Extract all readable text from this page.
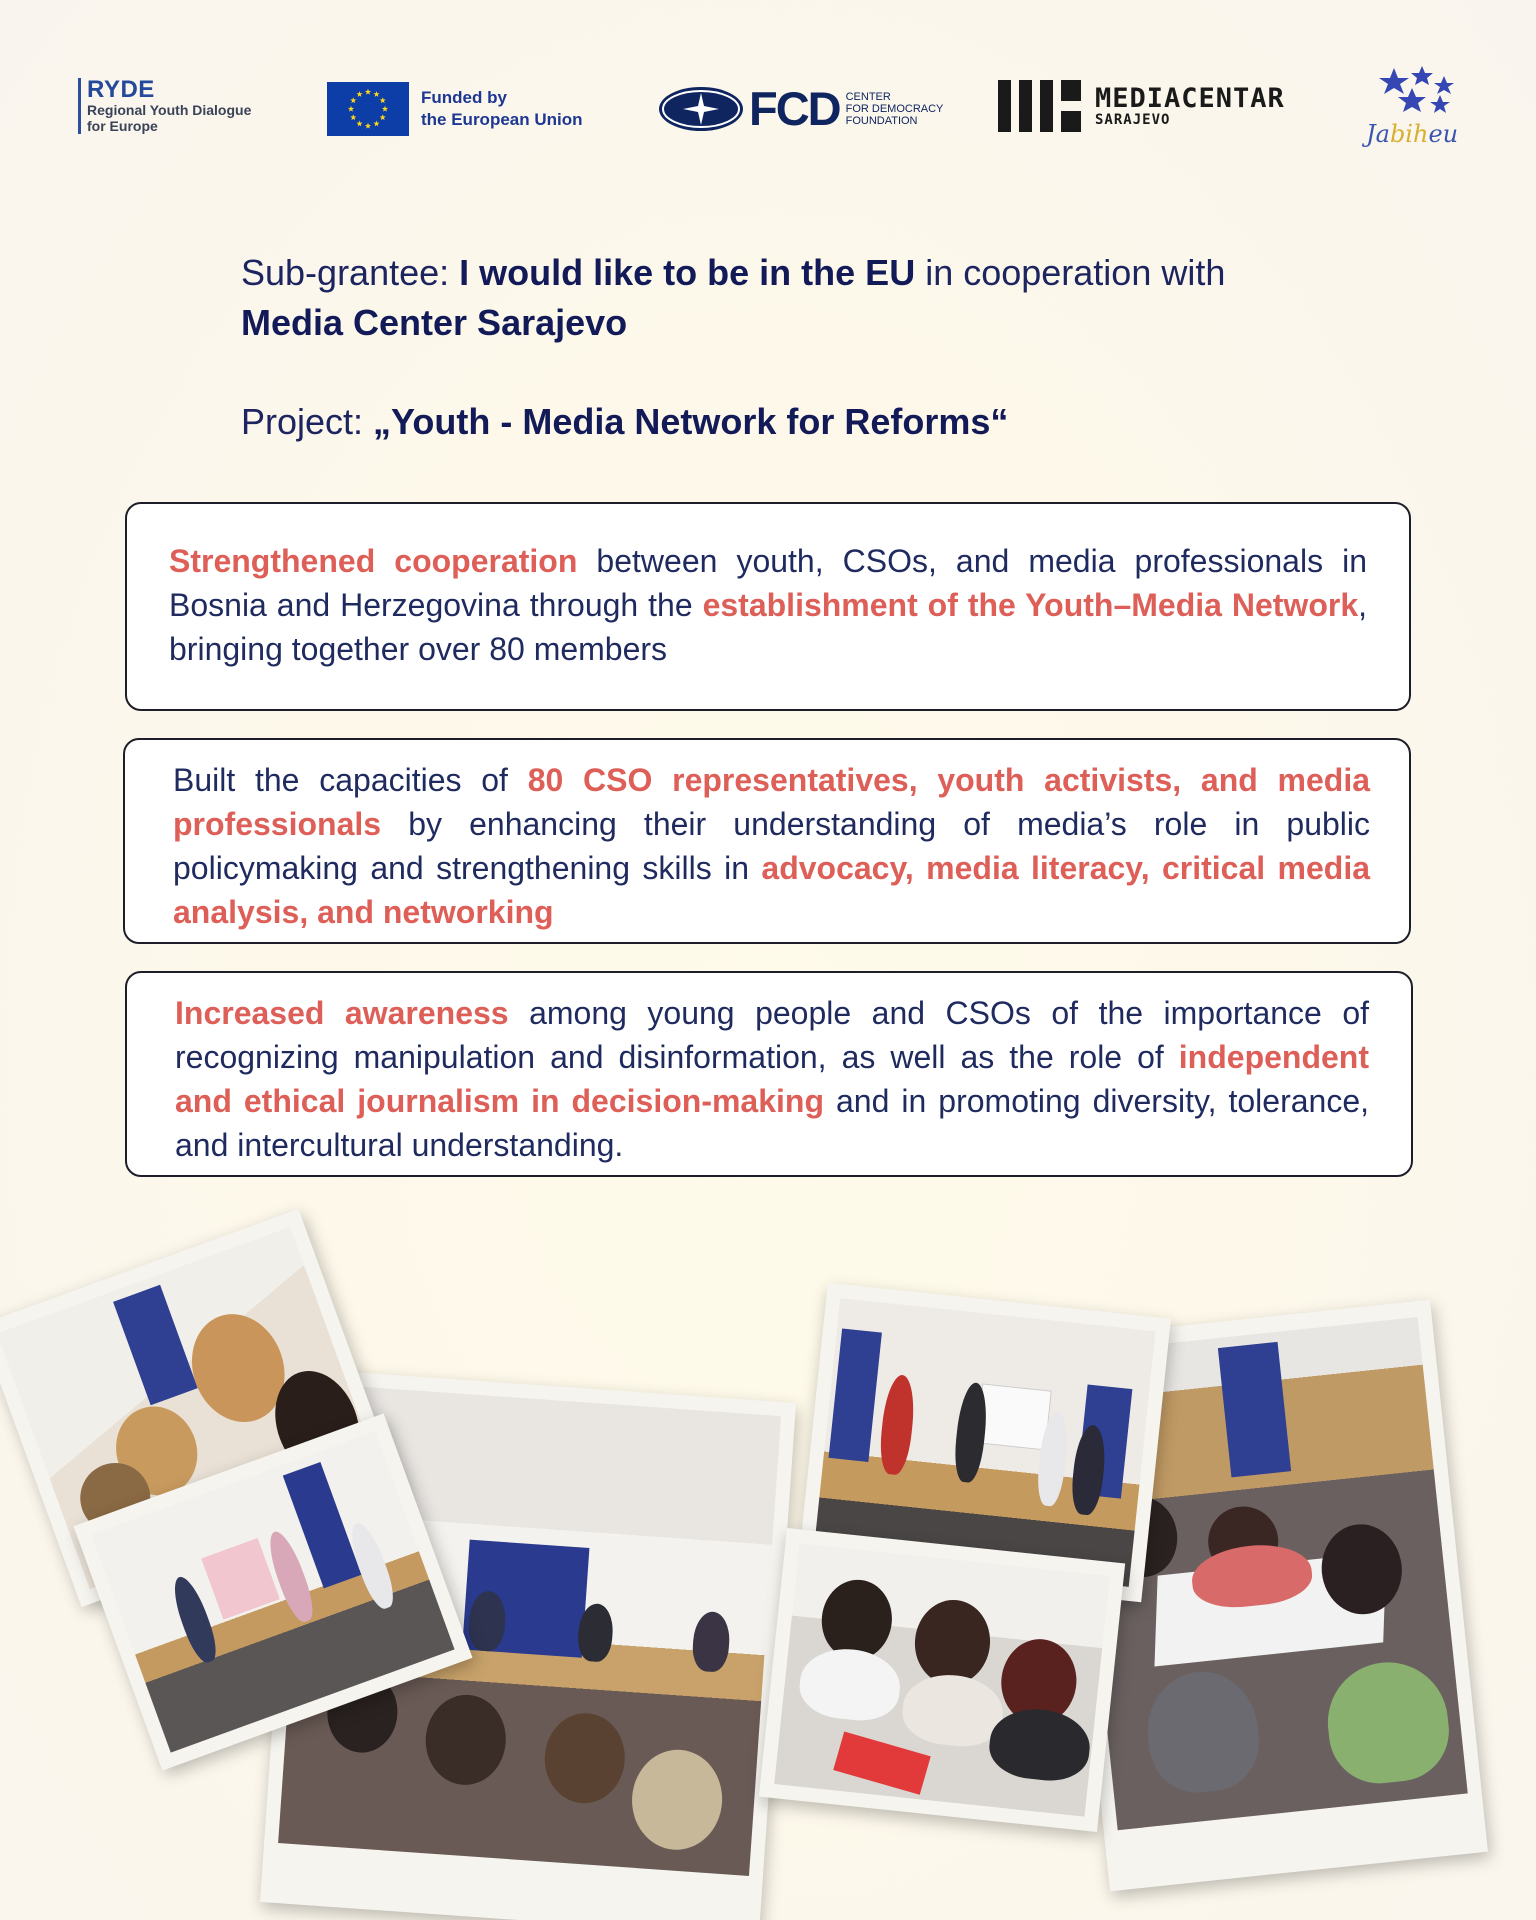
RYDE
Regional Youth Dialogue
for Europe
Funded by
the European Union	FCD CENTER
FOR DEMOCRACY
FOUNDATION
MEDIACENTAR
SARAJEVO	Jabiheu
Sub-grantee: I would like to be in the EU in cooperation with
Media Center Sarajevo
Project: „Youth - Media Network for Reforms“

Strengthened cooperation between youth, CSOs, and media professionals in Bosnia and Herzegovina through the establishment of the Youth–Media Network, bringing together over 80 members

Built the capacities of 80 CSO representatives, youth activists, and media professionals by enhancing their understanding of media’s role in public policymaking and strengthening skills in advocacy, media literacy, critical media analysis, and networking

Increased awareness among young people and CSOs of the importance of recognizing manipulation and disinformation, as well as the role of independent and ethical journalism in decision-making and in promoting diversity, tolerance, and intercultural understanding.
